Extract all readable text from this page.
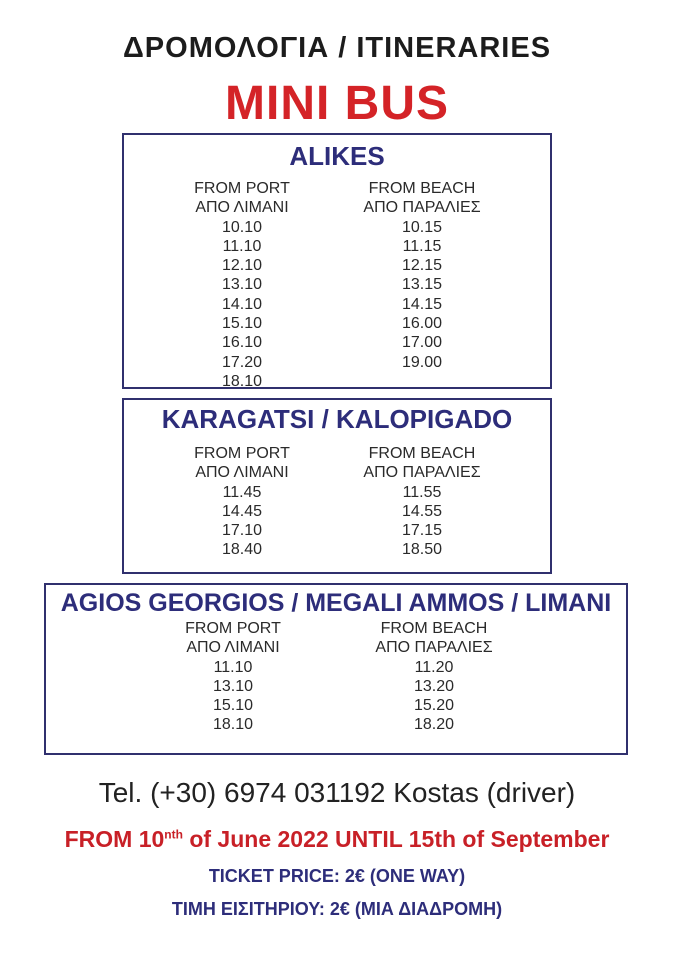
ΔΡΟΜΟΛΟΓΙΑ / ITINERARIES
MINI BUS
ALIKES
FROM PORT
ΑΠΟ ΛΙΜΑΝΙ
10.10
11.10
12.10
13.10
14.10
15.10
16.10
17.20
18.10
FROM BEACH
ΑΠΟ ΠΑΡΑΛΙΕΣ
10.15
11.15
12.15
13.15
14.15
16.00
17.00
19.00
KARAGATSI / KALOPIGADO
FROM PORT
ΑΠΟ ΛΙΜΑΝΙ
11.45
14.45
17.10
18.40
FROM BEACH
ΑΠΟ ΠΑΡΑΛΙΕΣ
11.55
14.55
17.15
18.50
AGIOS GEORGIOS / MEGALI AMMOS / LIMANI
FROM PORT
ΑΠΟ ΛΙΜΑΝΙ
11.10
13.10
15.10
18.10
FROM BEACH
ΑΠΟ ΠΑΡΑΛΙΕΣ
11.20
13.20
15.20
18.20
Tel. (+30) 6974 031192 Kostas (driver)
FROM $10^{nth}$ of June 2022 UNTIL 15th of September
TICKET PRICE: 2€ (ONE WAY)
ΤΙΜΗ ΕΙΣΙΤΗΡΙΟΥ: 2€ (ΜΙΑ ΔΙΑΔΡΟΜΗ)
